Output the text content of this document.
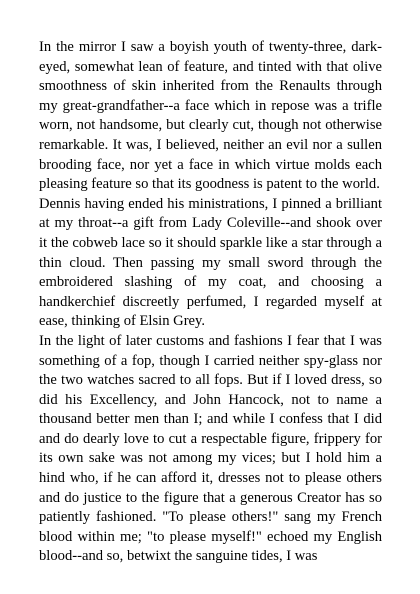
In the mirror I saw a boyish youth of twenty-three, dark-eyed, somewhat lean of feature, and tinted with that olive smoothness of skin inherited from the Renaults through my great-grandfather--a face which in repose was a trifle worn, not handsome, but clearly cut, though not otherwise remarkable. It was, I believed, neither an evil nor a sullen brooding face, nor yet a face in which virtue molds each pleasing feature so that its goodness is patent to the world.

Dennis having ended his ministrations, I pinned a brilliant at my throat--a gift from Lady Coleville--and shook over it the cobweb lace so it should sparkle like a star through a thin cloud. Then passing my small sword through the embroidered slashing of my coat, and choosing a handkerchief discreetly perfumed, I regarded myself at ease, thinking of Elsin Grey.

In the light of later customs and fashions I fear that I was something of a fop, though I carried neither spy-glass nor the two watches sacred to all fops. But if I loved dress, so did his Excellency, and John Hancock, not to name a thousand better men than I; and while I confess that I did and do dearly love to cut a respectable figure, frippery for its own sake was not among my vices; but I hold him a hind who, if he can afford it, dresses not to please others and do justice to the figure that a generous Creator has so patiently fashioned. "To please others!" sang my French blood within me; "to please myself!" echoed my English blood--and so, betwixt the sanguine tides, I was
